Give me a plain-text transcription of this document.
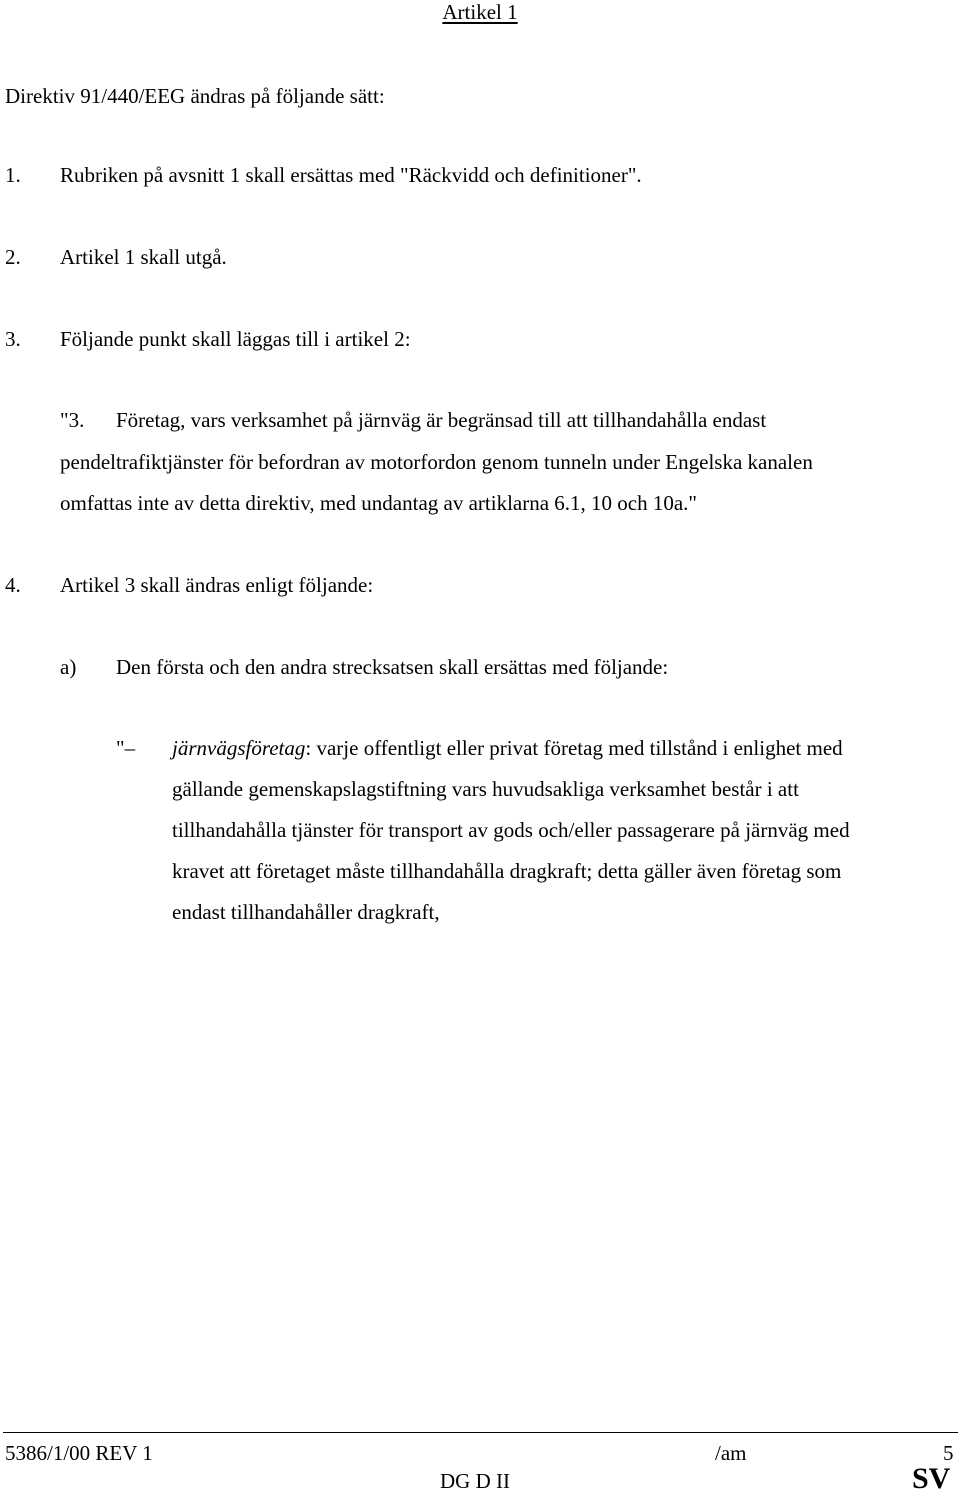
Artikel 1
Direktiv 91/440/EEG ändras på följande sätt:
1. Rubriken på avsnitt 1 skall ersättas med "Räckvidd och definitioner".
2. Artikel 1 skall utgå.
3. Följande punkt skall läggas till i artikel 2:
"3. Företag, vars verksamhet på järnväg är begränsad till att tillhandahålla endast
pendeltrafiktjänster för befordran av motorfordon genom tunneln under Engelska kanalen
omfattas inte av detta direktiv, med undantag av artiklarna 6.1, 10 och 10a."
4. Artikel 3 skall ändras enligt följande:
a) Den första och den andra strecksatsen skall ersättas med följande:
"– järnvägsföretag: varje offentligt eller privat företag med tillstånd i enlighet med
gällande gemenskapslagstiftning vars huvudsakliga verksamhet består i att
tillhandahålla tjänster för transport av gods och/eller passagerare på järnväg med
kravet att företaget måste tillhandahålla dragkraft; detta gäller även företag som
endast tillhandahåller dragkraft,
5386/1/00 REV 1	/am	5
DG D II	SV
